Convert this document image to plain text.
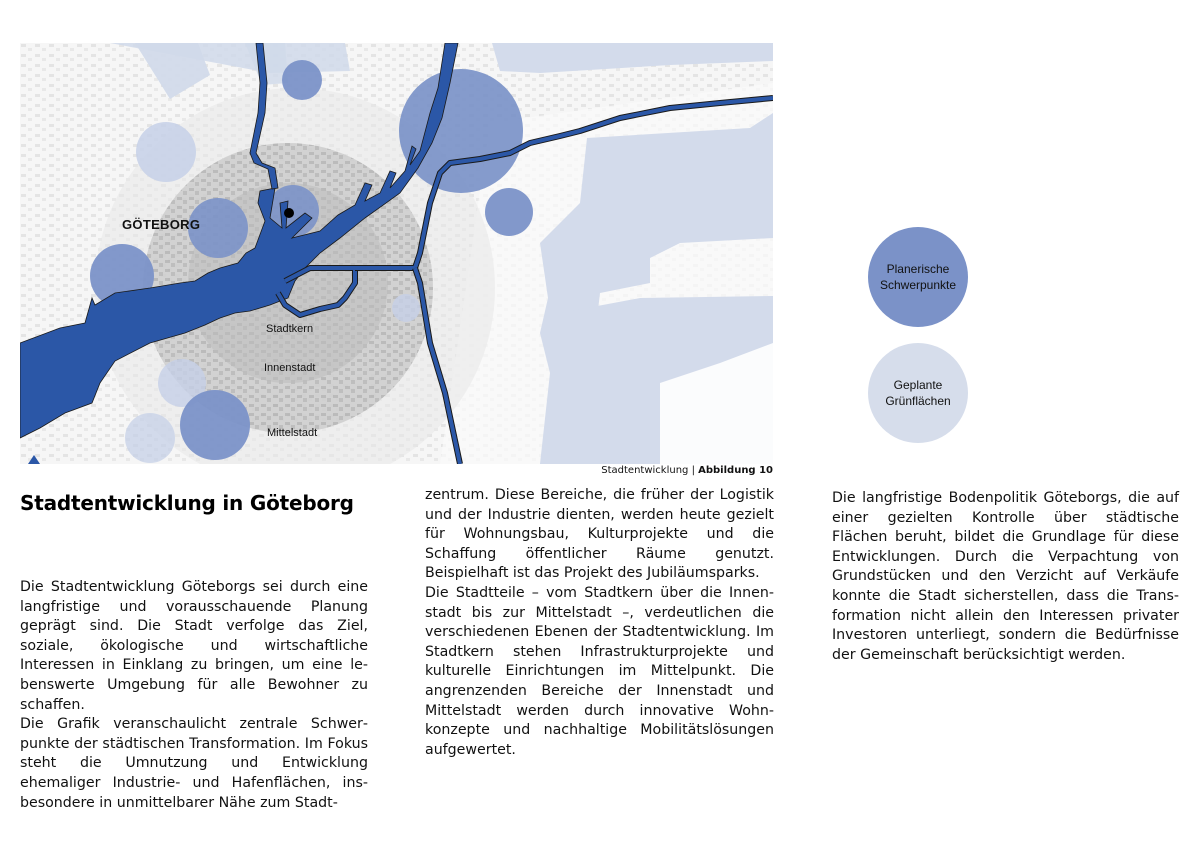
GÖTEBORG
Stadtkern
Innenstadt
Mittelstadt
Stadtentwicklung | Abbildung 10
Planerische
Schwerpunkte
Geplante
Grünflächen
Stadtentwicklung in Göteborg

Die Stadtentwicklung Göteborgs sei durch eine langfristige und vorausschauende Planung geprägt sind. Die Stadt verfolge das Ziel, soziale, ökologische und wirtschaftliche Interessen in Einklang zu bringen, um eine lebenswerte Umgebung für alle Bewohner zu schaffen.

Die Grafik veranschaulicht zentrale Schwerpunkte der städtischen Transformation. Im Fokus steht die Umnutzung und Entwicklung ehemaliger Industrie- und Hafenflächen, insbesondere in unmittelbarer Nähe zum Stadt-

zentrum. Diese Bereiche, die früher der Logistik und der Industrie dienten, werden heute gezielt für Wohnungsbau, Kulturprojekte und die Schaffung öffentlicher Räume genutzt. Beispielhaft ist das Projekt des Jubiläumsparks.

Die Stadtteile – vom Stadtkern über die Innenstadt bis zur Mittelstadt –, verdeutlichen die verschiedenen Ebenen der Stadtentwicklung. Im Stadtkern stehen Infrastrukturprojekte und kulturelle Einrichtungen im Mittelpunkt. Die angrenzenden Bereiche der Innenstadt und Mittelstadt werden durch innovative Wohnkonzepte und nachhaltige Mobilitätslösungen aufgewertet.

Die langfristige Bodenpolitik Göteborgs, die auf einer gezielten Kontrolle über städtische Flächen beruht, bildet die Grundlage für diese Entwicklungen. Durch die Verpachtung von Grundstücken und den Verzicht auf Verkäufe konnte die Stadt sicherstellen, dass die Transformation nicht allein den Interessen privater Investoren unterliegt, sondern die Bedürfnisse der Gemeinschaft berücksichtigt werden.
